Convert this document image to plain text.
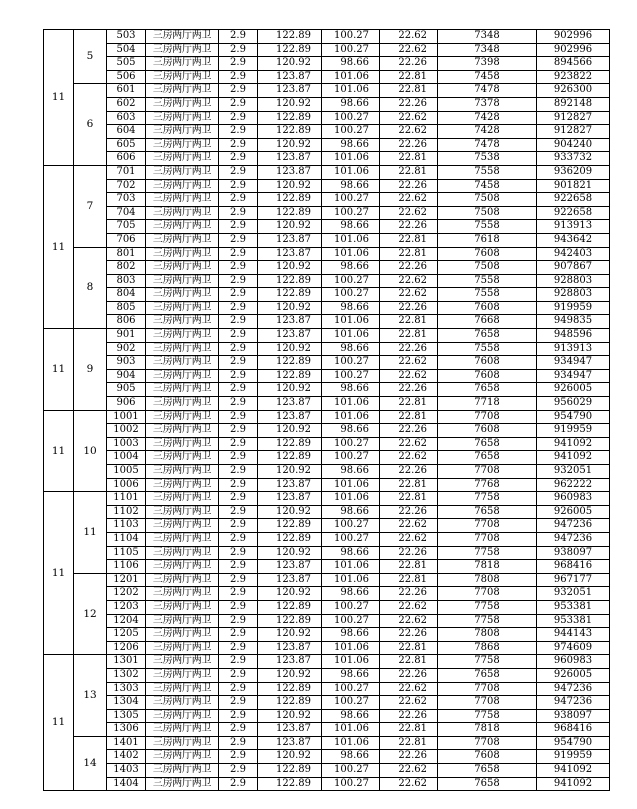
11	5	503	三房两厅两卫	2.9	122.89	100.27	22.62	7348	902996
		504	三房两厅两卫	2.9	122.89	100.27	22.62	7348	902996
		505	三房两厅两卫	2.9	120.92	98.66	22.26	7398	894566
		506	三房两厅两卫	2.9	123.87	101.06	22.81	7458	923822
	6	601	三房两厅两卫	2.9	123.87	101.06	22.81	7478	926300
		602	三房两厅两卫	2.9	120.92	98.66	22.26	7378	892148
		603	三房两厅两卫	2.9	122.89	100.27	22.62	7428	912827
		604	三房两厅两卫	2.9	122.89	100.27	22.62	7428	912827
		605	三房两厅两卫	2.9	120.92	98.66	22.26	7478	904240
		606	三房两厅两卫	2.9	123.87	101.06	22.81	7538	933732
11	7	701	三房两厅两卫	2.9	123.87	101.06	22.81	7558	936209
		702	三房两厅两卫	2.9	120.92	98.66	22.26	7458	901821
		703	三房两厅两卫	2.9	122.89	100.27	22.62	7508	922658
		704	三房两厅两卫	2.9	122.89	100.27	22.62	7508	922658
		705	三房两厅两卫	2.9	120.92	98.66	22.26	7558	913913
		706	三房两厅两卫	2.9	123.87	101.06	22.81	7618	943642
	8	801	三房两厅两卫	2.9	123.87	101.06	22.81	7608	942403
		802	三房两厅两卫	2.9	120.92	98.66	22.26	7508	907867
		803	三房两厅两卫	2.9	122.89	100.27	22.62	7558	928803
		804	三房两厅两卫	2.9	122.89	100.27	22.62	7558	928803
		805	三房两厅两卫	2.9	120.92	98.66	22.26	7608	919959
		806	三房两厅两卫	2.9	123.87	101.06	22.81	7668	949835
11	9	901	三房两厅两卫	2.9	123.87	101.06	22.81	7658	948596
		902	三房两厅两卫	2.9	120.92	98.66	22.26	7558	913913
		903	三房两厅两卫	2.9	122.89	100.27	22.62	7608	934947
		904	三房两厅两卫	2.9	122.89	100.27	22.62	7608	934947
		905	三房两厅两卫	2.9	120.92	98.66	22.26	7658	926005
		906	三房两厅两卫	2.9	123.87	101.06	22.81	7718	956029
11	10	1001	三房两厅两卫	2.9	123.87	101.06	22.81	7708	954790
		1002	三房两厅两卫	2.9	120.92	98.66	22.26	7608	919959
		1003	三房两厅两卫	2.9	122.89	100.27	22.62	7658	941092
		1004	三房两厅两卫	2.9	122.89	100.27	22.62	7658	941092
		1005	三房两厅两卫	2.9	120.92	98.66	22.26	7708	932051
		1006	三房两厅两卫	2.9	123.87	101.06	22.81	7768	962222
11	11	1101	三房两厅两卫	2.9	123.87	101.06	22.81	7758	960983
		1102	三房两厅两卫	2.9	120.92	98.66	22.26	7658	926005
		1103	三房两厅两卫	2.9	122.89	100.27	22.62	7708	947236
		1104	三房两厅两卫	2.9	122.89	100.27	22.62	7708	947236
		1105	三房两厅两卫	2.9	120.92	98.66	22.26	7758	938097
		1106	三房两厅两卫	2.9	123.87	101.06	22.81	7818	968416
	12	1201	三房两厅两卫	2.9	123.87	101.06	22.81	7808	967177
		1202	三房两厅两卫	2.9	120.92	98.66	22.26	7708	932051
		1203	三房两厅两卫	2.9	122.89	100.27	22.62	7758	953381
		1204	三房两厅两卫	2.9	122.89	100.27	22.62	7758	953381
		1205	三房两厅两卫	2.9	120.92	98.66	22.26	7808	944143
		1206	三房两厅两卫	2.9	123.87	101.06	22.81	7868	974609
11	13	1301	三房两厅两卫	2.9	123.87	101.06	22.81	7758	960983
		1302	三房两厅两卫	2.9	120.92	98.66	22.26	7658	926005
		1303	三房两厅两卫	2.9	122.89	100.27	22.62	7708	947236
		1304	三房两厅两卫	2.9	122.89	100.27	22.62	7708	947236
		1305	三房两厅两卫	2.9	120.92	98.66	22.26	7758	938097
		1306	三房两厅两卫	2.9	123.87	101.06	22.81	7818	968416
	14	1401	三房两厅两卫	2.9	123.87	101.06	22.81	7708	954790
		1402	三房两厅两卫	2.9	120.92	98.66	22.26	7608	919959
		1403	三房两厅两卫	2.9	122.89	100.27	22.62	7658	941092
		1404	三房两厅两卫	2.9	122.89	100.27	22.62	7658	941092
